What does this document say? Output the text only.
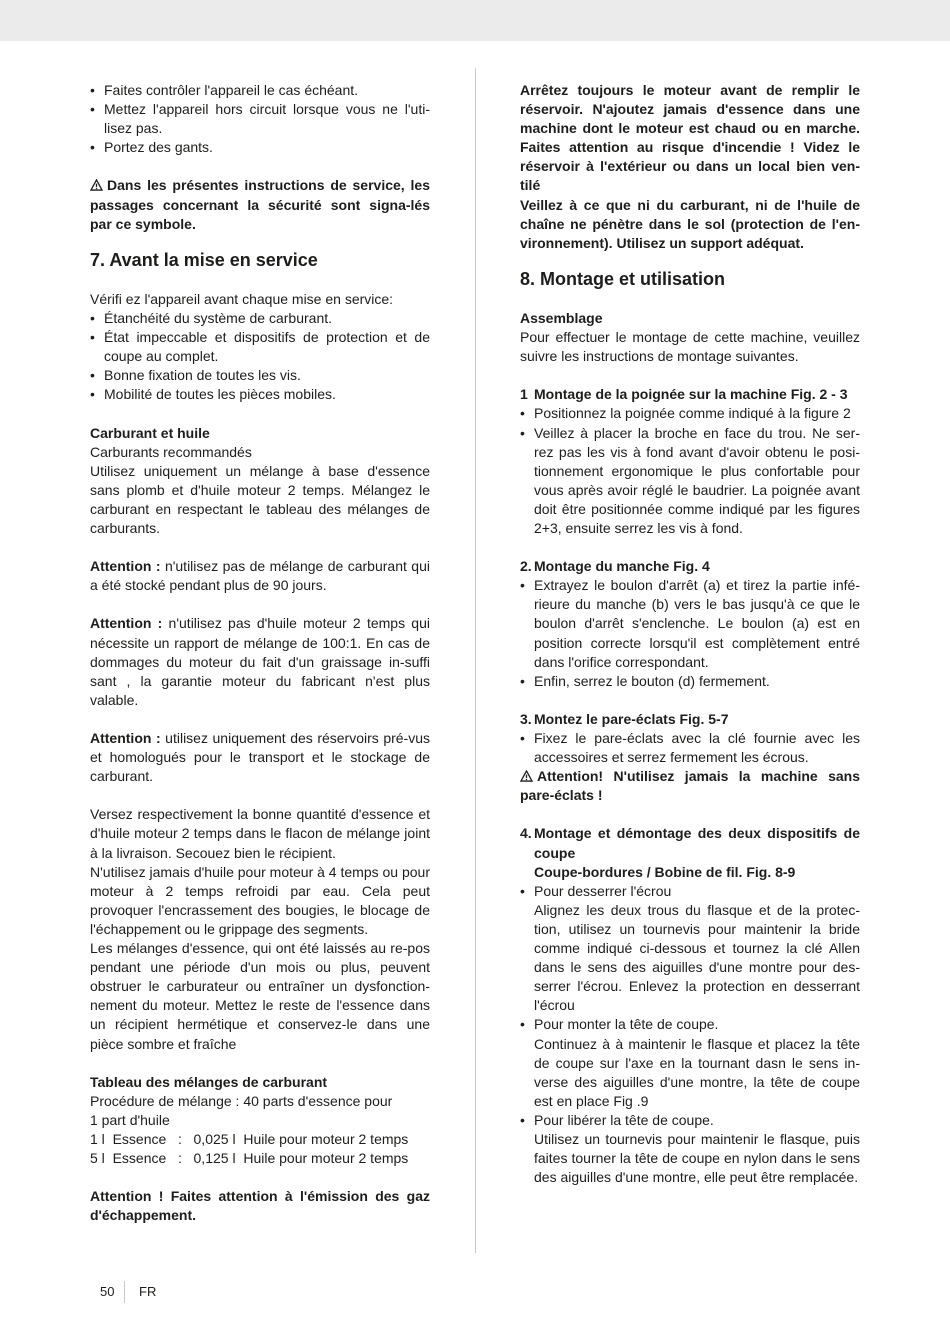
• Faites contrôler l'appareil le cas échéant.
• Mettez l'appareil hors circuit lorsque vous ne l'uti-lisez pas.
• Portez des gants.

Dans les présentes instructions de service, les passages concernant la sécurité sont signa-lés par ce symbole.

7. Avant la mise en service

Vérifi ez l'appareil avant chaque mise en service:

• Étanchéité du système de carburant.
• État impeccable et dispositifs de protection et de coupe au complet.
• Bonne fixation de toutes les vis.
• Mobilité de toutes les pièces mobiles.

Carburant et huile

Carburants recommandés

Utilisez uniquement un mélange à base d'essence sans plomb et d'huile moteur 2 temps. Mélangez le carburant en respectant le tableau des mélanges de carburants.

Attention : n'utilisez pas de mélange de carburant qui a été stocké pendant plus de 90 jours.

Attention : n'utilisez pas d'huile moteur 2 temps qui nécessite un rapport de mélange de 100:1. En cas de dommages du moteur du fait d'un graissage in-suffi sant , la garantie moteur du fabricant n'est plus valable.

Attention : utilisez uniquement des réservoirs pré-vus et homologués pour le transport et le stockage de carburant.

Versez respectivement la bonne quantité d'essence et d'huile moteur 2 temps dans le flacon de mélange joint à la livraison. Secouez bien le récipient.

N'utilisez jamais d'huile pour moteur à 4 temps ou pour moteur à 2 temps refroidi par eau. Cela peut provoquer l'encrassement des bougies, le blocage de l'échappement ou le grippage des segments.

Les mélanges d'essence, qui ont été laissés au re-pos pendant une période d'un mois ou plus, peuvent obstruer le carburateur ou entraîner un dysfonction-nement du moteur. Mettez le reste de l'essence dans un récipient hermétique et conservez-le dans une pièce sombre et fraîche

Tableau des mélanges de carburant

Procédure de mélange : 40 parts d'essence pour

1 part d'huile

1 l
Essence
:
0,025 l
Huile pour moteur 2 temps
5 l
Essence
:
0,125 l
Huile pour moteur 2 temps

Attention ! Faites attention à l'émission des gaz d'échappement.

Arrêtez toujours le moteur avant de remplir le réservoir. N'ajoutez jamais d'essence dans une machine dont le moteur est chaud ou en marche. Faites attention au risque d'incendie ! Videz le réservoir à l'extérieur ou dans un local bien ven-tilé

Veillez à ce que ni du carburant, ni de l'huile de chaîne ne pénètre dans le sol (protection de l'en-vironnement). Utilisez un support adéquat.

8. Montage et utilisation

Assemblage

Pour effectuer le montage de cette machine, veuillez suivre les instructions de montage suivantes.

1 Montage de la poignée sur la machine Fig. 2 - 3

• Positionnez la poignée comme indiqué à la figure 2
• Veillez à placer la broche en face du trou. Ne ser-rez pas les vis à fond avant d'avoir obtenu le posi-tionnement ergonomique le plus confortable pour vous après avoir réglé le baudrier. La poignée avant doit être positionnée comme indiqué par les figures 2+3, ensuite serrez les vis à fond.

2. Montage du manche Fig. 4

• Extrayez le boulon d'arrêt (a) et tirez la partie infé-rieure du manche (b) vers le bas jusqu'à ce que le boulon d'arrêt s'enclenche. Le boulon (a) est en position correcte lorsqu'il est complètement entré dans l'orifice correspondant.
• Enfin, serrez le bouton (d) fermement.

3. Montez le pare-éclats Fig. 5-7

• Fixez le pare-éclats avec la clé fournie avec les accessoires et serrez fermement les écrous.

Attention! N'utilisez jamais la machine sans pare-éclats !

4. Montage et démontage des deux dispositifs de coupe

Coupe-bordures / Bobine de fil. Fig. 8-9

• Pour desserrer l'écrou
Alignez les deux trous du flasque et de la protec-tion, utilisez un tournevis pour maintenir la bride comme indiqué ci-dessous et tournez la clé Allen dans le sens des aiguilles d'une montre pour des-serrer l'écrou. Enlevez la protection en desserrant l'écrou
• Pour monter la tête de coupe.
Continuez à à maintenir le flasque et placez la tête de coupe sur l'axe en la tournant dasn le sens in-verse des aiguilles d'une montre, la tête de coupe est en place Fig .9
• Pour libérer la tête de coupe.
Utilisez un tournevis pour maintenir le flasque, puis faites tourner la tête de coupe en nylon dans le sens des aiguilles d'une montre, elle peut être remplacée.
50 FR
